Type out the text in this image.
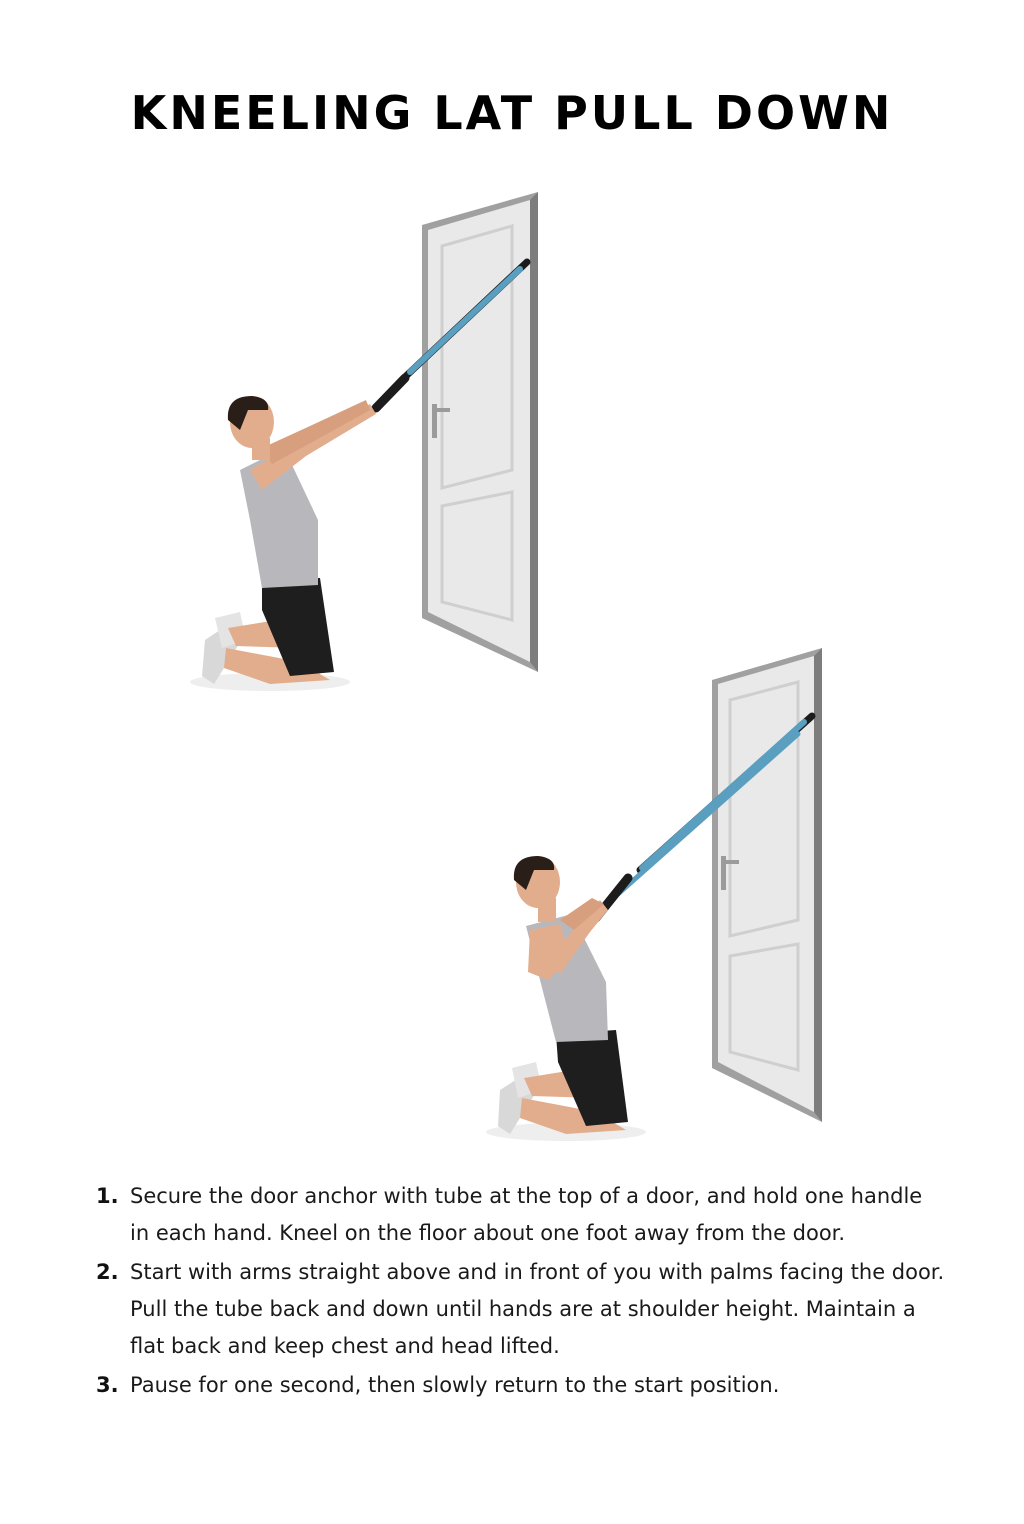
KNEELING LAT PULL DOWN
1. Secure the door anchor with tube at the top of a door, and hold one handle in each hand. Kneel on the floor about one foot away from the door.
2. Start with arms straight above and in front of you with palms facing the door. Pull the tube back and down until hands are at shoulder height. Maintain a flat back and keep chest and head lifted.
3. Pause for one second, then slowly return to the start position.
